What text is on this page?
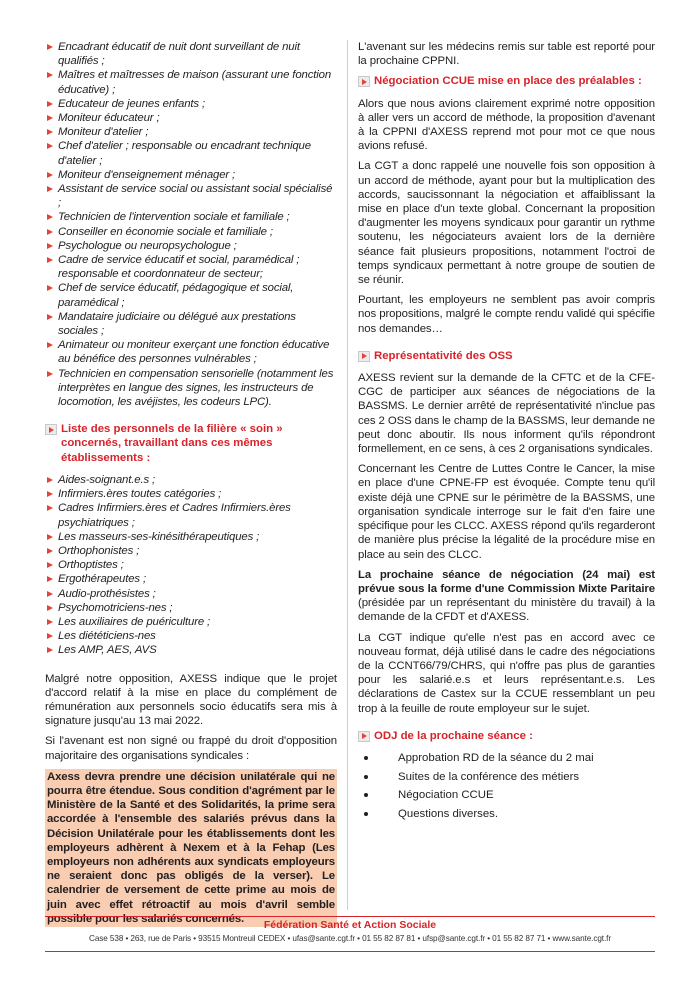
Encadrant éducatif de nuit dont surveillant de nuit qualifiés ;
Maîtres et maîtresses de maison (assurant une fonction éducative) ;
Educateur de jeunes enfants ;
Moniteur éducateur ;
Moniteur d'atelier ;
Chef d'atelier ; responsable ou encadrant technique d'atelier ;
Moniteur d'enseignement ménager ;
Assistant de service social ou assistant social spécialisé ;
Technicien de l'intervention sociale et familiale ;
Conseiller en économie sociale et familiale ;
Psychologue ou neuropsychologue ;
Cadre de service éducatif et social, paramédical ; responsable et coordonnateur de secteur;
Chef de service éducatif, pédagogique et social, paramédical ;
Mandataire judiciaire ou délégué aux prestations sociales ;
Animateur ou moniteur exerçant une fonction éducative au bénéfice des personnes vulnérables ;
Technicien en compensation sensorielle (notamment les interprètes en langue des signes, les instructeurs de locomotion, les avéjistes, les codeurs LPC).
Liste des personnels de la filière « soin » concernés, travaillant dans ces mêmes établissements :
Aides-soignant.e.s ;
Infirmiers.ères toutes catégories ;
Cadres Infirmiers.ères et Cadres Infirmiers.ères psychiatriques ;
Les masseurs-ses-kinésithérapeutiques ;
Orthophonistes ;
Orthoptistes ;
Ergothérapeutes ;
Audio-prothésistes ;
Psychomotriciens-nes ;
Les auxiliaires de puériculture ;
Les diététiciens-nes
Les AMP, AES, AVS

Malgré notre opposition, AXESS indique que le projet d'accord relatif à la mise en place du complément de rémunération aux personnels socio éducatifs sera mis à signature jusqu'au 13 mai 2022.

Si l'avenant est non signé ou frappé du droit d'opposition majoritaire des organisations syndicales :

Axess devra prendre une décision unilatérale qui ne pourra être étendue. Sous condition d'agrément par le Ministère de la Santé et des Solidarités, la prime sera accordée à l'ensemble des salariés prévus dans la Décision Unilatérale pour les établissements dont les employeurs adhèrent à Nexem et à la Fehap (Les employeurs non adhérents aux syndicats employeurs ne seraient donc pas obligés de la verser). Le calendrier de versement de cette prime au mois de juin avec effet rétroactif au mois d'avril semble possible pour les salariés concernés.

L'avenant sur les médecins remis sur table est reporté pour la prochaine CPPNI.

Négociation CCUE mise en place des préalables :

Alors que nous avions clairement exprimé notre opposition à aller vers un accord de méthode, la proposition d'avenant à la CPPNI d'AXESS reprend mot pour mot ce que nous avions refusé.

La CGT a donc rappelé une nouvelle fois son opposition à un accord de méthode, ayant pour but la multiplication des accords, saucissonnant la négociation et affaiblissant la mise en place d'un texte global. Concernant la proposition d'augmenter les moyens syndicaux pour garantir un rythme soutenu, les négociateurs avaient lors de la dernière séance fait plusieurs propositions, notamment l'octroi de temps syndicaux permettant à notre groupe de soutien de se réunir.

Pourtant, les employeurs ne semblent pas avoir compris nos propositions, malgré le compte rendu validé qui spécifie nos demandes…

Représentativité des OSS

AXESS revient sur la demande de la CFTC et de la CFE-CGC de participer aux séances de négociations de la BASSMS. Le dernier arrêté de représentativité n'inclue pas ces 2 OSS dans le champ de la BASSMS, leur demande ne peut donc aboutir. Ils nous informent qu'ils répondront formellement, en ce sens, à ces 2 organisations syndicales.

Concernant les Centre de Luttes Contre le Cancer, la mise en place d'une CPNE-FP est évoquée. Compte tenu qu'il existe déjà une CPNE sur le périmètre de la BASSMS, une organisation syndicale interroge sur le fait d'en faire une spécifique pour les CLCC. AXESS répond qu'ils regarderont de manière plus précise la légalité de la procédure mise en place au sein des CLCC.

La prochaine séance de négociation (24 mai) est prévue sous la forme d'une Commission Mixte Paritaire (présidée par un représentant du ministère du travail) à la demande de la CFDT et d'AXESS.

La CGT indique qu'elle n'est pas en accord avec ce nouveau format, déjà utilisé dans le cadre des négociations de la CCNT66/79/CHRS, qui n'offre pas plus de garanties pour les salarié.e.s et leurs représentant.e.s. Les déclarations de Castex sur la CCUE ressemblant un peu trop à la feuille de route employeur sur le sujet.

ODJ de la prochaine séance :
Approbation RD de la séance du 2 mai
Suites de la conférence des métiers
Négociation CCUE
Questions diverses.
Fédération Santé et Action Sociale
Case 538 • 263, rue de Paris • 93515 Montreuil CEDEX • ufas@sante.cgt.fr • 01 55 82 87 81 • ufsp@sante.cgt.fr • 01 55 82 87 71 • www.sante.cgt.fr
